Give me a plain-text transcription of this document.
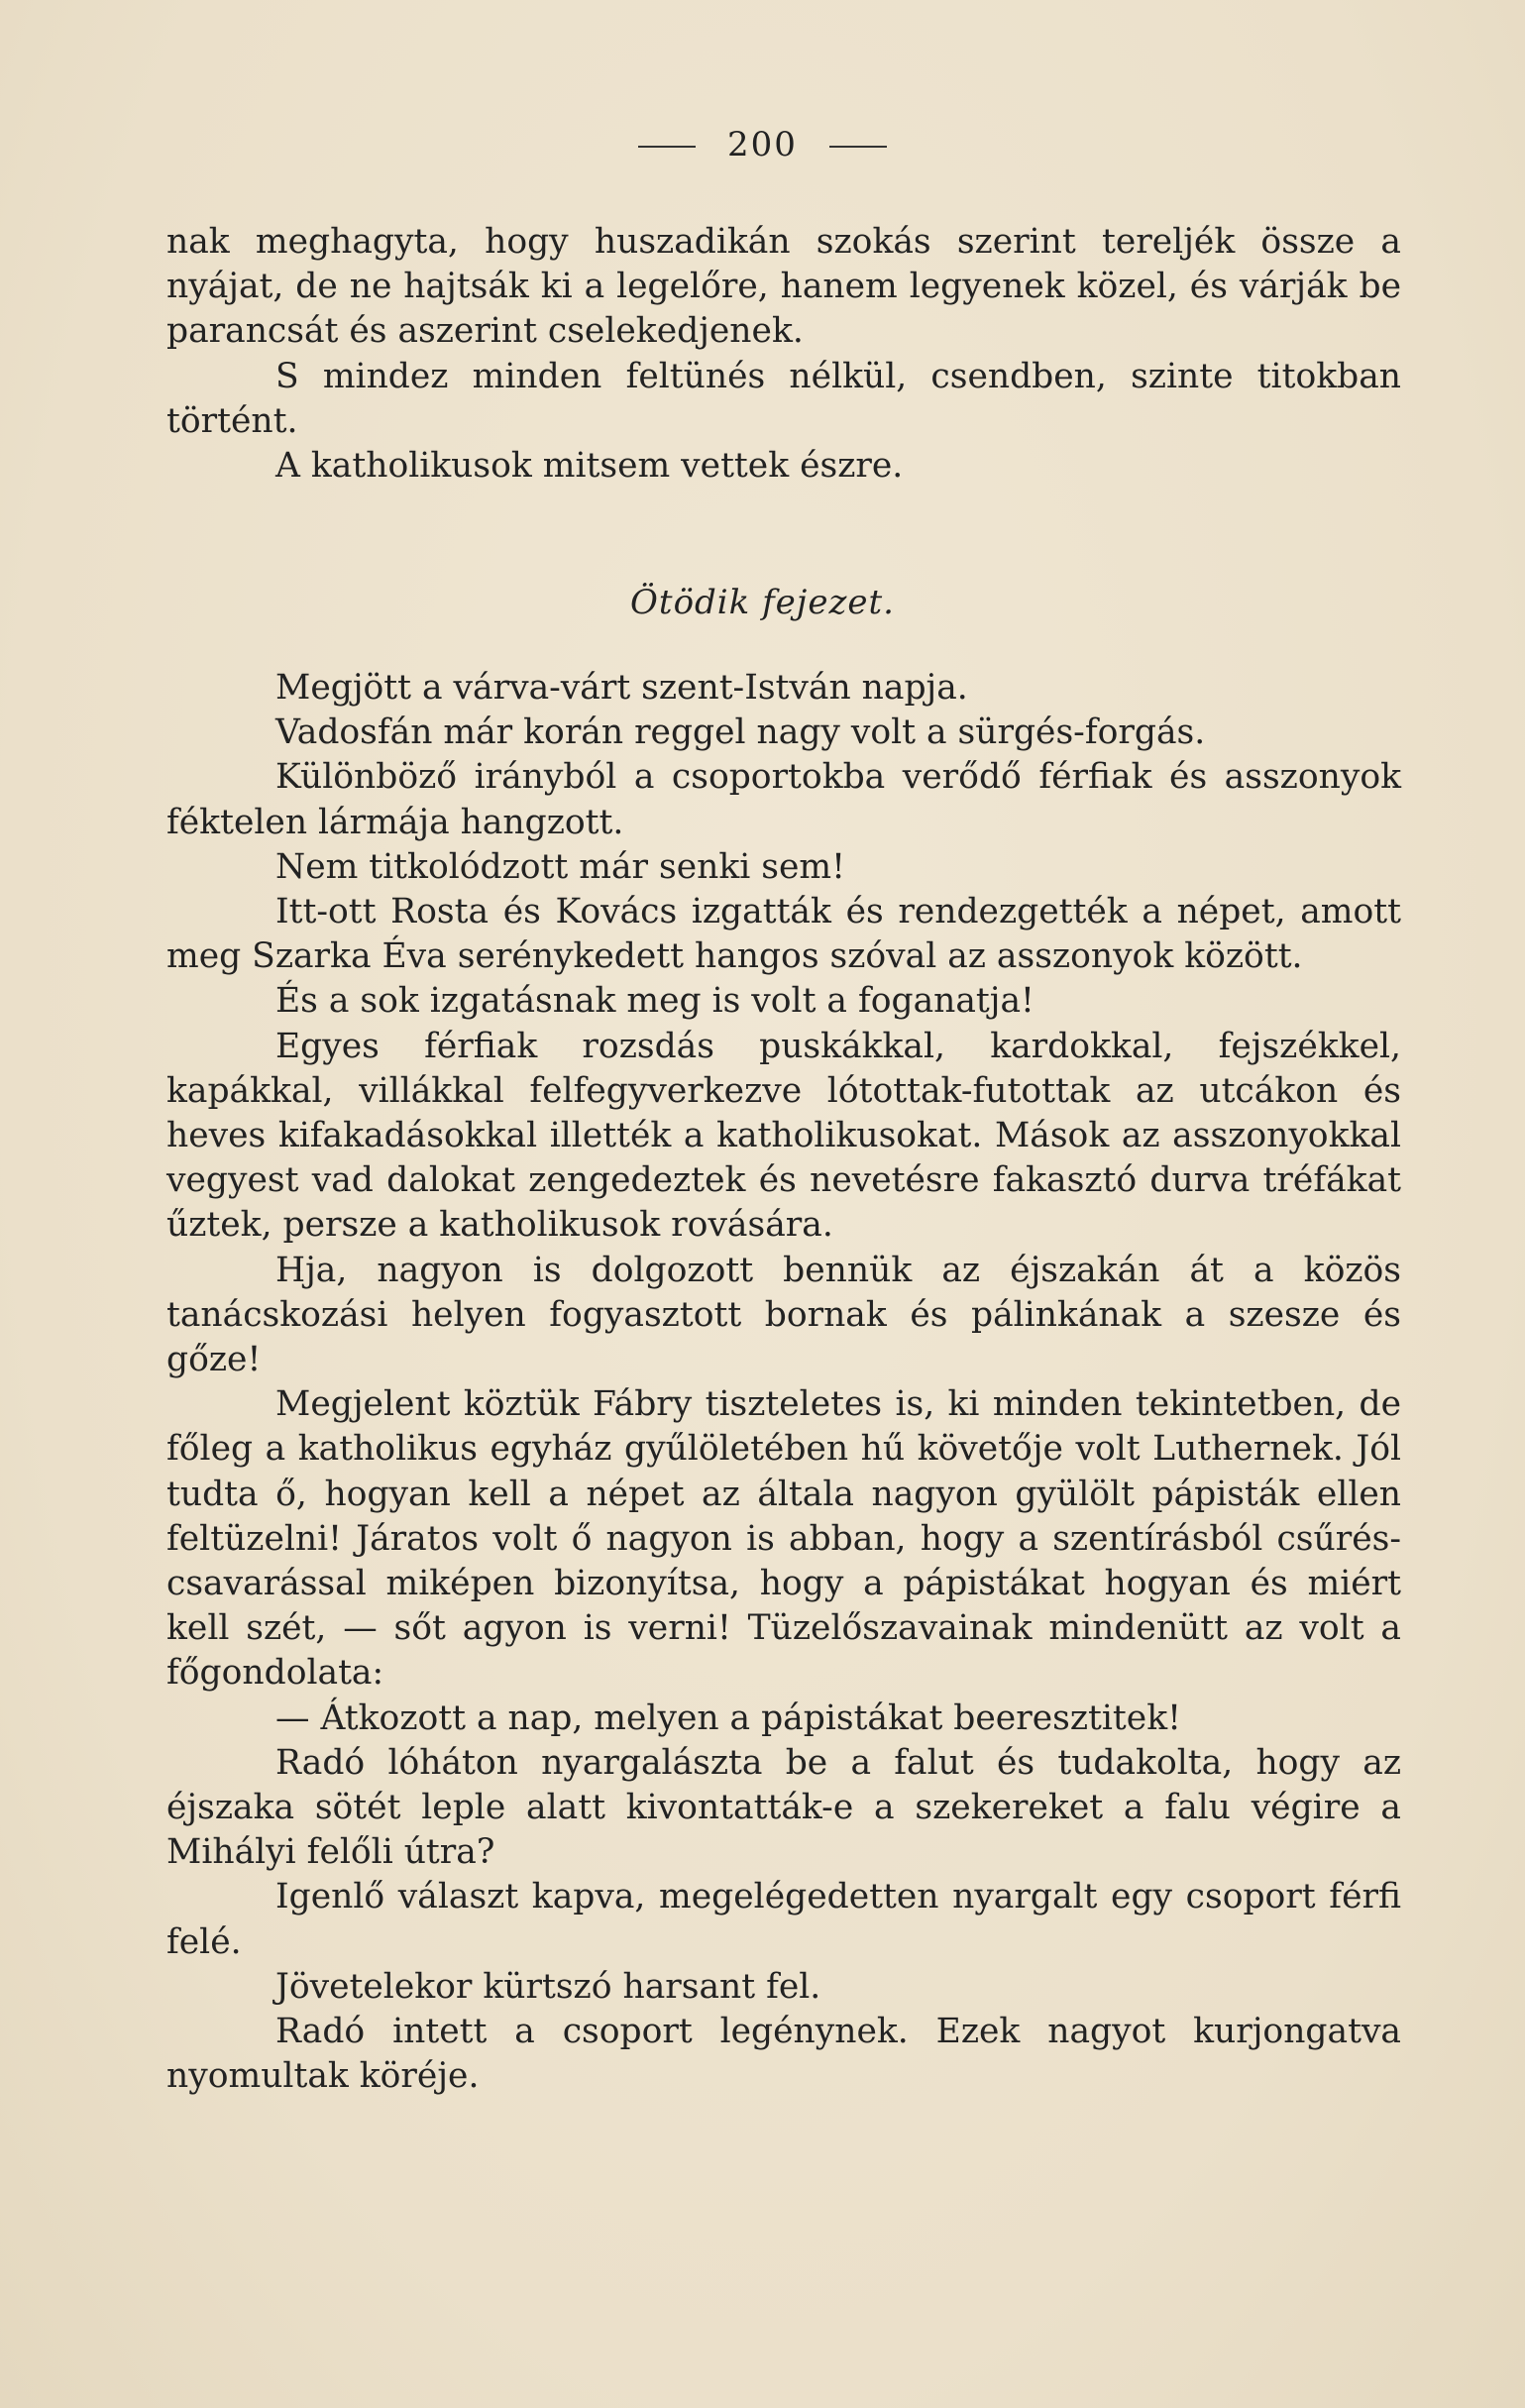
200

nak meghagyta, hogy huszadikán szokás szerint tereljék össze a nyájat, de ne hajtsák ki a legelőre, hanem legyenek közel, és várják be parancsát és aszerint cselekedjenek.

S mindez minden feltünés nélkül, csendben, szinte titokban történt.

A katholikusok mitsem vettek észre.

Ötödik fejezet.

Megjött a várva-várt szent-István napja.

Vadosfán már korán reggel nagy volt a sürgés-forgás.

Különböző irányból a csoportokba verődő férfiak és asszonyok féktelen lármája hangzott.

Nem titkolódzott már senki sem!

Itt-ott Rosta és Kovács izgatták és rendezgették a népet, amott meg Szarka Éva serénykedett hangos szóval az asszonyok között.

És a sok izgatásnak meg is volt a foganatja!

Egyes férfiak rozsdás puskákkal, kardokkal, fejszékkel, kapákkal, villákkal felfegyverkezve lótottak-futottak az utcákon és heves kifakadásokkal illették a katholikusokat. Mások az asszonyokkal vegyest vad dalokat zengedeztek és nevetésre fakasztó durva tréfákat űztek, persze a katholikusok rovására.

Hja, nagyon is dolgozott bennük az éjszakán át a közös tanácskozási helyen fogyasztott bornak és pálinkának a szesze és gőze!

Megjelent köztük Fábry tiszteletes is, ki minden tekintetben, de főleg a katholikus egyház gyűlöletében hű követője volt Luthernek. Jól tudta ő, hogyan kell a népet az általa nagyon gyülölt pápisták ellen feltüzelni! Járatos volt ő nagyon is abban, hogy a szentírásból csűrés-csavarással miképen bizonyítsa, hogy a pápistákat hogyan és miért kell szét, — sőt agyon is verni! Tüzelőszavainak mindenütt az volt a főgondolata:

— Átkozott a nap, melyen a pápistákat beeresztitek!

Radó lóháton nyargalászta be a falut és tudakolta, hogy az éjszaka sötét leple alatt kivontatták-e a szekereket a falu végire a Mihályi felőli útra?

Igenlő választ kapva, megelégedetten nyargalt egy csoport férfi felé.

Jövetelekor kürtszó harsant fel.

Radó intett a csoport legénynek. Ezek nagyot kurjongatva nyomultak köréje.
